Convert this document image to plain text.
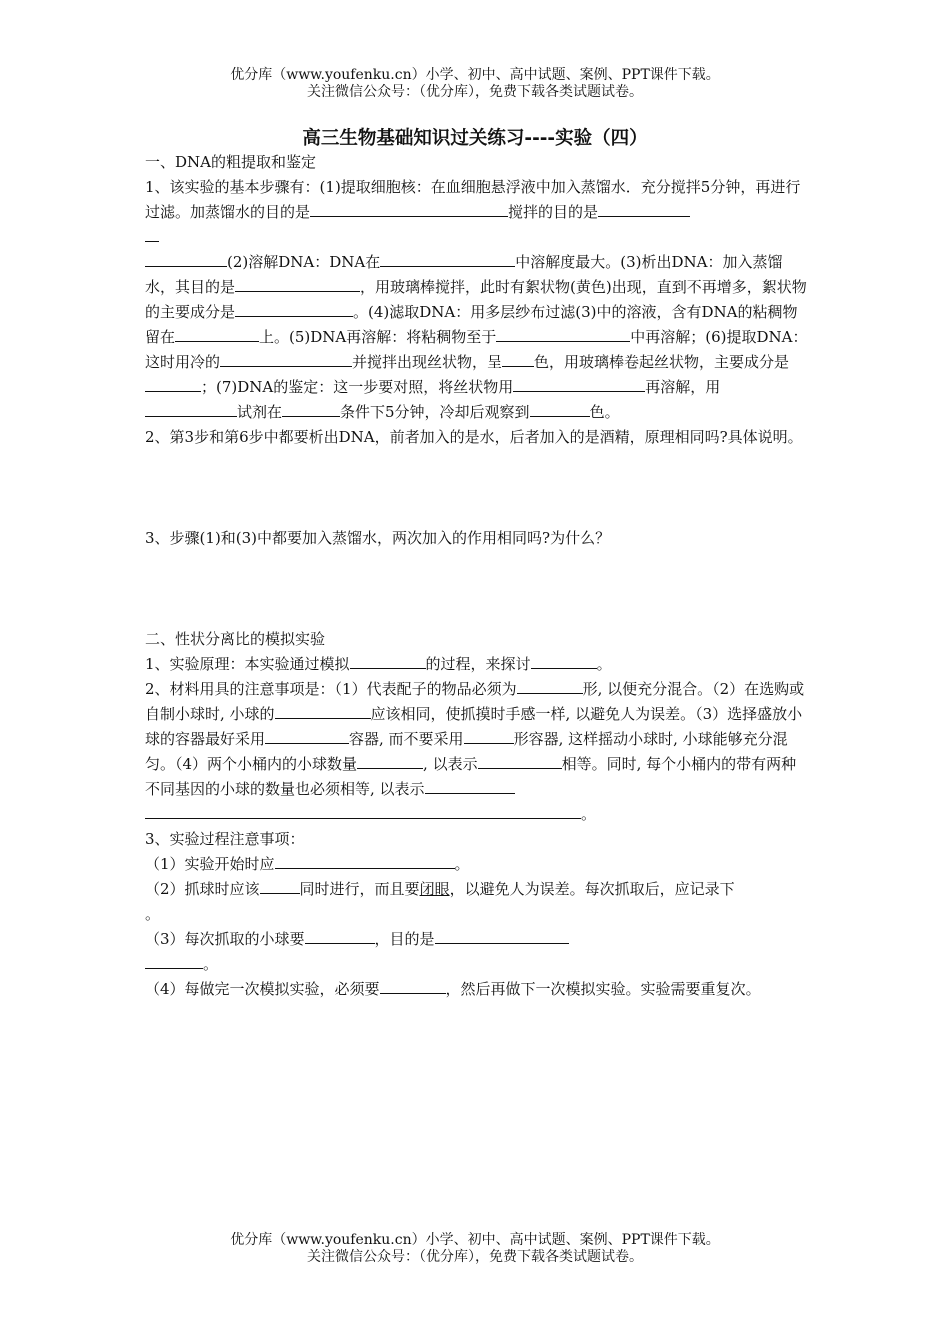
优分库（www.youfenku.cn）小学、初中、高中试题、案例、PPT课件下载。
关注微信公众号：（优分库），免费下载各类试题试卷。
高三生物基础知识过关练习----实验（四）
一、DNA的粗提取和鉴定
1、该实验的基本步骤有：(1)提取细胞核：在血细胞悬浮液中加入蒸馏水．充分搅拌5分钟，再进行过滤。加蒸馏水的目的是	搅拌的目的是

(2)溶解DNA：DNA在	中溶解度最大。(3)析出DNA：加入蒸馏水，其目的是	，用玻璃棒搅拌，此时有絮状物(黄色)出现，直到不再增多，絮状物的主要成分是	。(4)滤取DNA：用多层纱布过滤(3)中的溶液，含有DNA的粘稠物留在	上。(5)DNA再溶解：将粘稠物至于	中再溶解；(6)提取DNA：这时用冷的	并搅拌出现丝状物，呈 色，用玻璃棒卷起丝状物，主要成分是；(7)DNA的鉴定：这一步要对照，将丝状物用	再溶解，用试剂在	条件下5分钟，冷却后观察到	色。
2、第3步和第6步中都要析出DNA，前者加入的是水，后者加入的是酒精，原理相同吗?具体说明。
3、步骤(1)和(3)中都要加入蒸馏水，两次加入的作用相同吗?为什么？
二、性状分离比的模拟实验
1、实验原理：本实验通过模拟	的过程，来探讨	。
2、材料用具的注意事项是：（1）代表配子的物品必须为	形, 以便充分混合。（2）在选购或自制小球时, 小球的	应该相同，使抓摸时手感一样, 以避免人为误差。（3）选择盛放小球的容器最好采用	容器, 而不要采用	形容器, 这样摇动小球时, 小球能够充分混匀。（4）两个小桶内的小球数量	, 以表示	相等。同时, 每个小桶内的带有两种不同基因的小球的数量也必须相等, 以表示
。
3、实验过程注意事项：
（1）实验开始时应	。
（2）抓球时应该	同时进行，而且要闭眼，以避免人为误差。每次抓取后，应记录下
。
（3）每次抓取的小球要	，目的是
。
（4）每做完一次模拟实验，必须要	，然后再做下一次模拟实验。实验需要重复次。
优分库（www.youfenku.cn）小学、初中、高中试题、案例、PPT课件下载。
关注微信公众号：（优分库），免费下载各类试题试卷。
